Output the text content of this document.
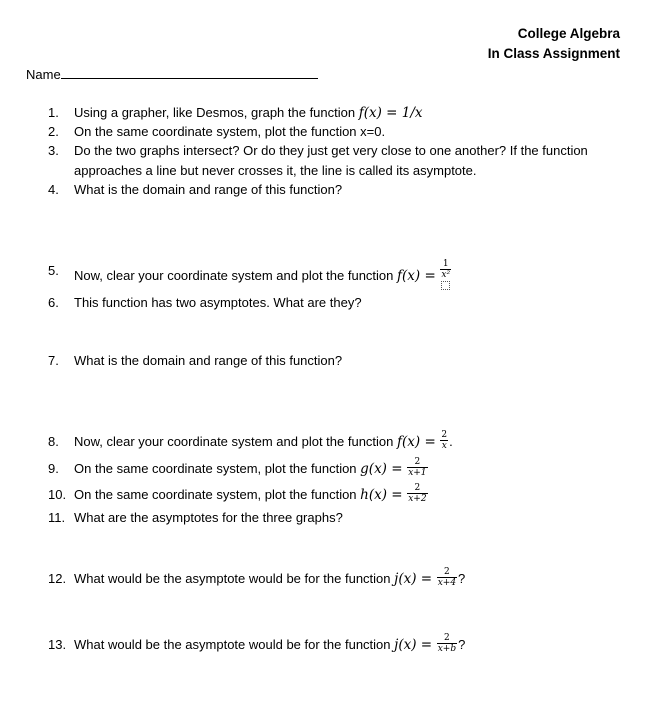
College Algebra
In Class Assignment
Name
1.	Using a grapher, like Desmos, graph the function f(x) = 1/x
2.	On the same coordinate system, plot the function x=0.
3.	Do the two graphs intersect? Or do they just get very close to one another? If the function
approaches a line but never crosses it, the line is called its asymptote.
4.	What is the domain and range of this function?
5.	Now, clear your coordinate system and plot the function $f(x) = \frac{1}{\text{x²}}$
6.	This function has two asymptotes. What are they?
7.	What is the domain and range of this function?
8.	Now, clear your coordinate system and plot the function $f(x) = \frac{2}{x}$ .
9.	On the same coordinate system, plot the function $g(x) = \frac{2}{x+1}$
10. On the same coordinate system, plot the function $h(x) = \frac{2}{x+2}$
11. What are the asymptotes for the three graphs?
12. What would be the asymptote would be for the function $j(x) = \frac{2}{x+4}$ ?
13. What would be the asymptote would be for the function $j(x) = \frac{2}{x+b}$ ?
